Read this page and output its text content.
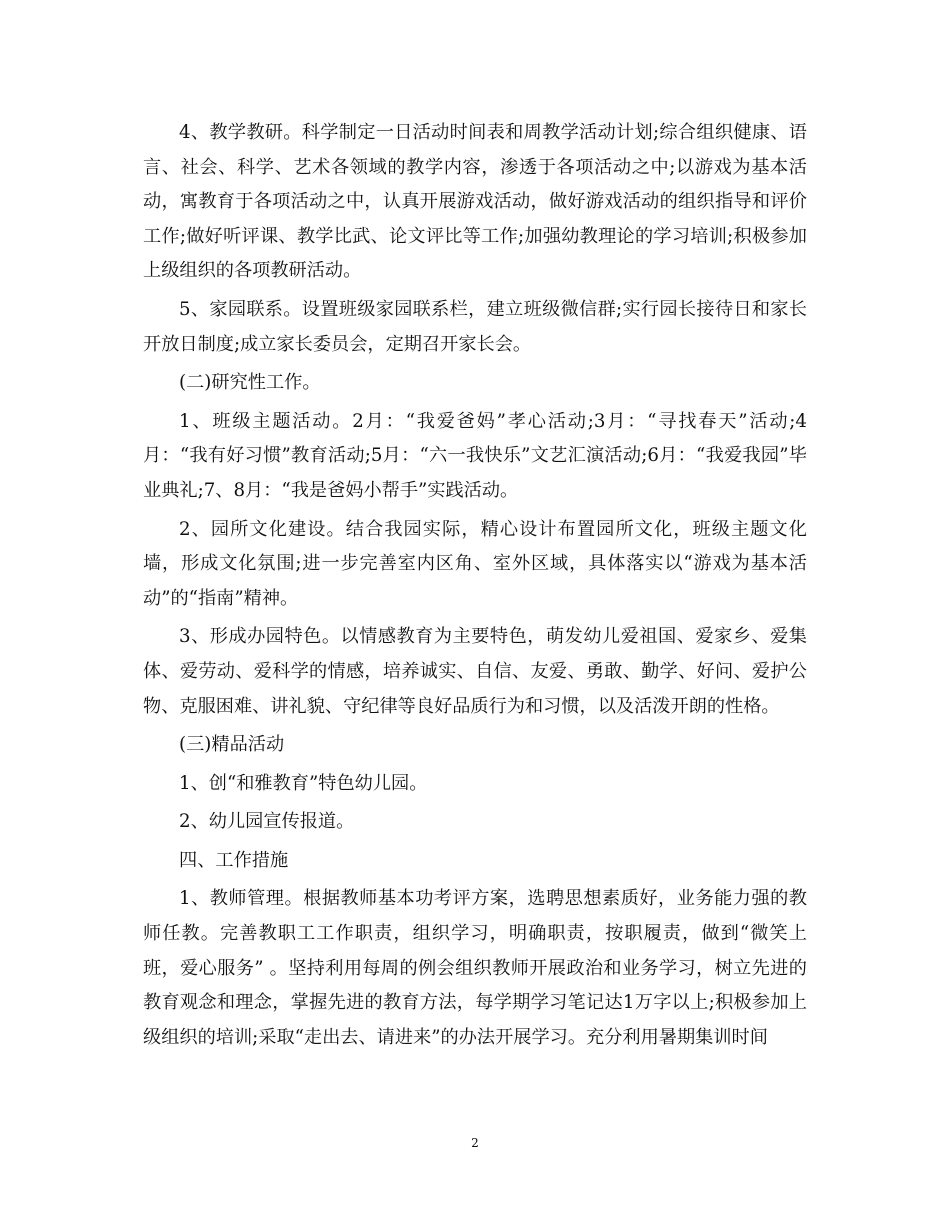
4、教学教研。科学制定一日活动时间表和周教学活动计划;综合组织健康、语言、社会、科学、艺术各领域的教学内容，渗透于各项活动之中;以游戏为基本活动，寓教育于各项活动之中，认真开展游戏活动，做好游戏活动的组织指导和评价工作;做好听评课、教学比武、论文评比等工作;加强幼教理论的学习培训;积极参加上级组织的各项教研活动。

5、家园联系。设置班级家园联系栏，建立班级微信群;实行园长接待日和家长开放日制度;成立家长委员会，定期召开家长会。

(二)研究性工作。

1、班级主题活动。2月：“我爱爸妈”孝心活动;3月：“寻找春天”活动;4月：“我有好习惯”教育活动;5月：“六一我快乐”文艺汇演活动;6月：“我爱我园”毕业典礼;7、8月：“我是爸妈小帮手”实践活动。

2、园所文化建设。结合我园实际，精心设计布置园所文化，班级主题文化墙，形成文化氛围;进一步完善室内区角、室外区域，具体落实以“游戏为基本活动”的“指南”精神。

3、形成办园特色。以情感教育为主要特色，萌发幼儿爱祖国、爱家乡、爱集体、爱劳动、爱科学的情感，培养诚实、自信、友爱、勇敢、勤学、好问、爱护公物、克服困难、讲礼貌、守纪律等良好品质行为和习惯，以及活泼开朗的性格。

(三)精品活动

1、创“和雅教育”特色幼儿园。

2、幼儿园宣传报道。

四、工作措施

1、教师管理。根据教师基本功考评方案，选聘思想素质好，业务能力强的教师任教。完善教职工工作职责，组织学习，明确职责，按职履责，做到“微笑上班，爱心服务” 。坚持利用每周的例会组织教师开展政治和业务学习，树立先进的教育观念和理念，掌握先进的教育方法，每学期学习笔记达1万字以上;积极参加上级组织的培训;采取“走出去、请进来”的办法开展学习。充分利用暑期集训时间

2
